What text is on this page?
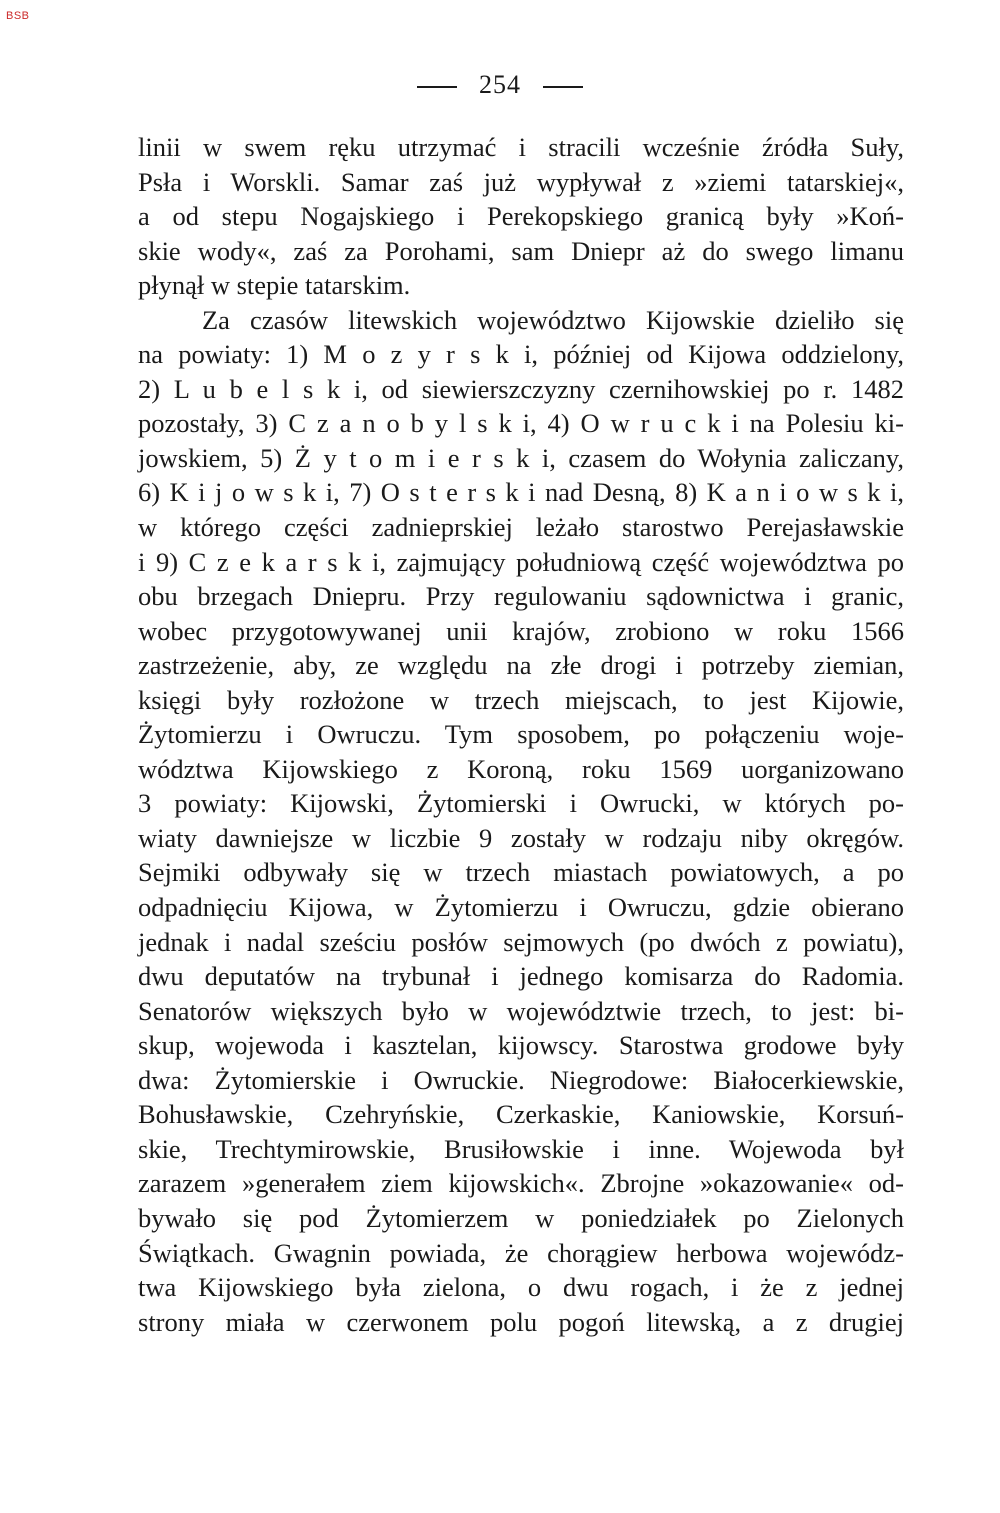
BSB
254
linii w swem ręku utrzymać i stracili wcześnie źródła Suły,
Psła i Worskli. Samar zaś już wypływał z »ziemi tatarskiej«,
a od stepu Nogajskiego i Perekopskiego granicą były »Koń-
skie wody«, zaś za Porohami, sam Dniepr aż do swego limanu
płynął w stepie tatarskim.
Za czasów litewskich województwo Kijowskie dzieliło się
na powiaty: 1) M o z y r s k i, później od Kijowa oddzielony,
2) L u b e l s k i, od siewierszczyzny czernihowskiej po r. 1482
pozostały, 3) C z a n o b y l s k i, 4) O w r u c k i na Polesiu ki-
jowskiem, 5) Ż y t o m i e r s k i, czasem do Wołynia zaliczany,
6) K i j o w s k i, 7) O s t e r s k i nad Desną, 8) K a n i o w s k i,
w którego części zadnieprskiej leżało starostwo Perejasławskie
i 9) C z e k a r s k i, zajmujący południową część województwa po
obu brzegach Dniepru. Przy regulowaniu sądownictwa i granic,
wobec przygotowywanej unii krajów, zrobiono w roku 1566
zastrzeżenie, aby, ze względu na złe drogi i potrzeby ziemian,
księgi były rozłożone w trzech miejscach, to jest Kijowie,
Żytomierzu i Owruczu. Tym sposobem, po połączeniu woje-
wództwa Kijowskiego z Koroną, roku 1569 uorganizowano
3 powiaty: Kijowski, Żytomierski i Owrucki, w których po-
wiaty dawniejsze w liczbie 9 zostały w rodzaju niby okręgów.
Sejmiki odbywały się w trzech miastach powiatowych, a po
odpadnięciu Kijowa, w Żytomierzu i Owruczu, gdzie obierano
jednak i nadal sześciu posłów sejmowych (po dwóch z powiatu),
dwu deputatów na trybunał i jednego komisarza do Radomia.
Senatorów większych było w województwie trzech, to jest: bi-
skup, wojewoda i kasztelan, kijowscy. Starostwa grodowe były
dwa: Żytomierskie i Owruckie. Niegrodowe: Białocerkiewskie,
Bohusławskie, Czehryńskie, Czerkaskie, Kaniowskie, Korsuń-
skie, Trechtymirowskie, Brusiłowskie i inne. Wojewoda był
zarazem »generałem ziem kijowskich«. Zbrojne »okazowanie« od-
bywało się pod Żytomierzem w poniedziałek po Zielonych
Świątkach. Gwagnin powiada, że chorągiew herbowa wojewódz-
twa Kijowskiego była zielona, o dwu rogach, i że z jednej
strony miała w czerwonem polu pogoń litewską, a z drugiej
